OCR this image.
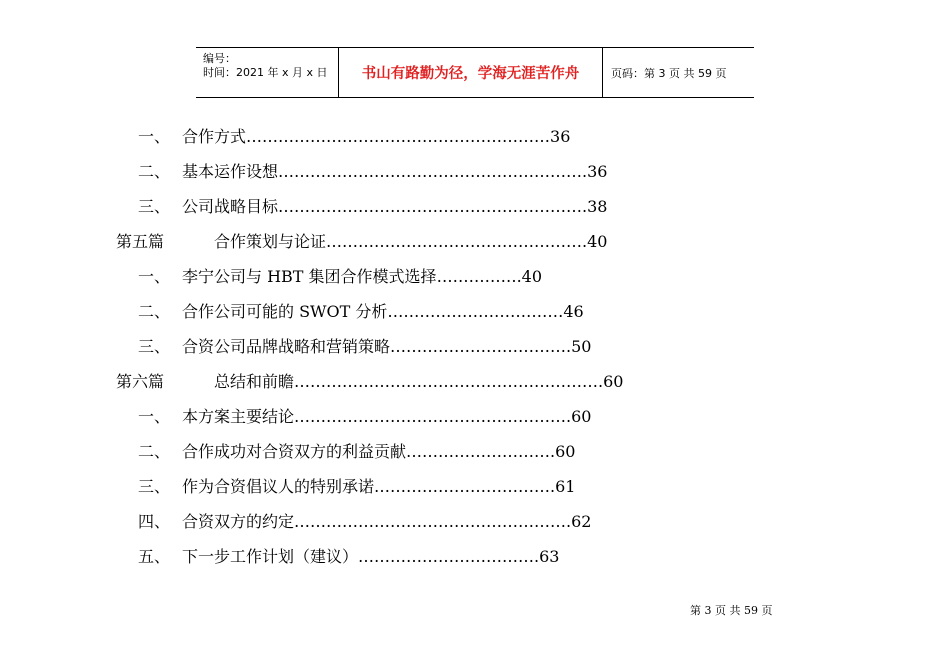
编号：
时间：2021 年 x 月 x 日	书山有路勤为径，学海无涯苦作舟	页码：第 3 页 共 59 页
一、 合作方式…………………………………………………36
二、 基本运作设想………………………………………………….36
三、 公司战略目标………………………………………………….38
第五篇	合作策划与论证………………………………………….40
一、 李宁公司与 HBT 集团合作模式选择…………….40
二、 合作公司可能的 SWOT 分析……………………………46
三、 合资公司品牌战略和营销策略…………………………….50
第六篇	总结和前瞻………………………………………………….60
一、 本方案主要结论…………………………………………….60
二、 合作成功对合资双方的利益贡献……………………….60
三、 作为合资倡议人的特别承诺…………………………….61
四、 合资双方的约定…………………………………………….62
五、 下一步工作计划（建议）…………………………….63
第 3 页 共 59 页
